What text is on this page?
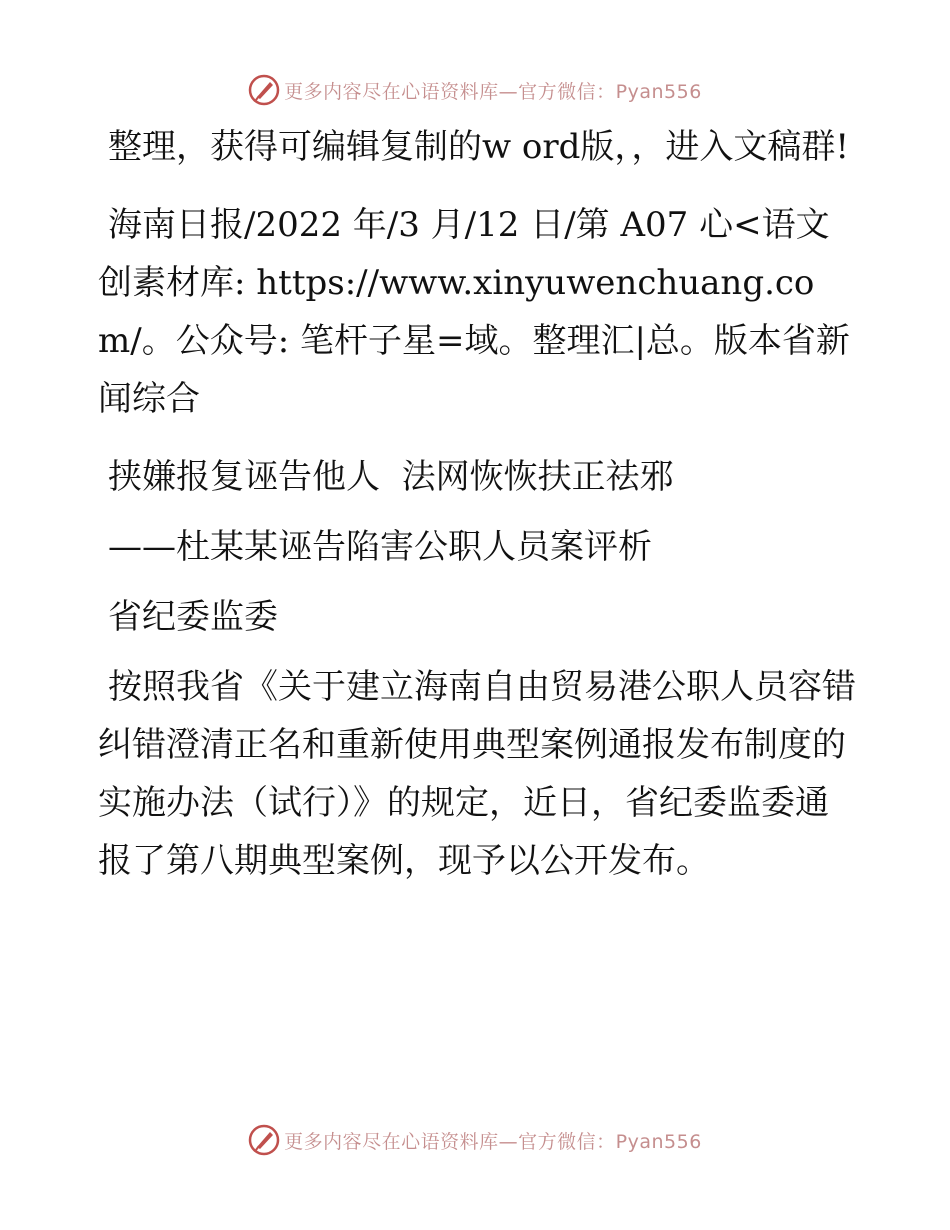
更多内容尽在心语资料库—官方微信：Pyan556

整理，获得可编辑复制的w ord版，，进入文稿群!

海南日报/2022 年/3 月/12 日/第 A07 心<语文创素材库: https://www.xinyuwenchuang.com/。公众号: 笔杆子星=域。整理汇|总。版本省新闻综合

挟嫌报复诬告他人  法网恢恢扶正祛邪

——杜某某诬告陷害公职人员案评析

省纪委监委

按照我省《关于建立海南自由贸易港公职人员容错纠错澄清正名和重新使用典型案例通报发布制度的实施办法（试行）》的规定，近日，省纪委监委通报了第八期典型案例，现予以公开发布。

更多内容尽在心语资料库—官方微信：Pyan556
